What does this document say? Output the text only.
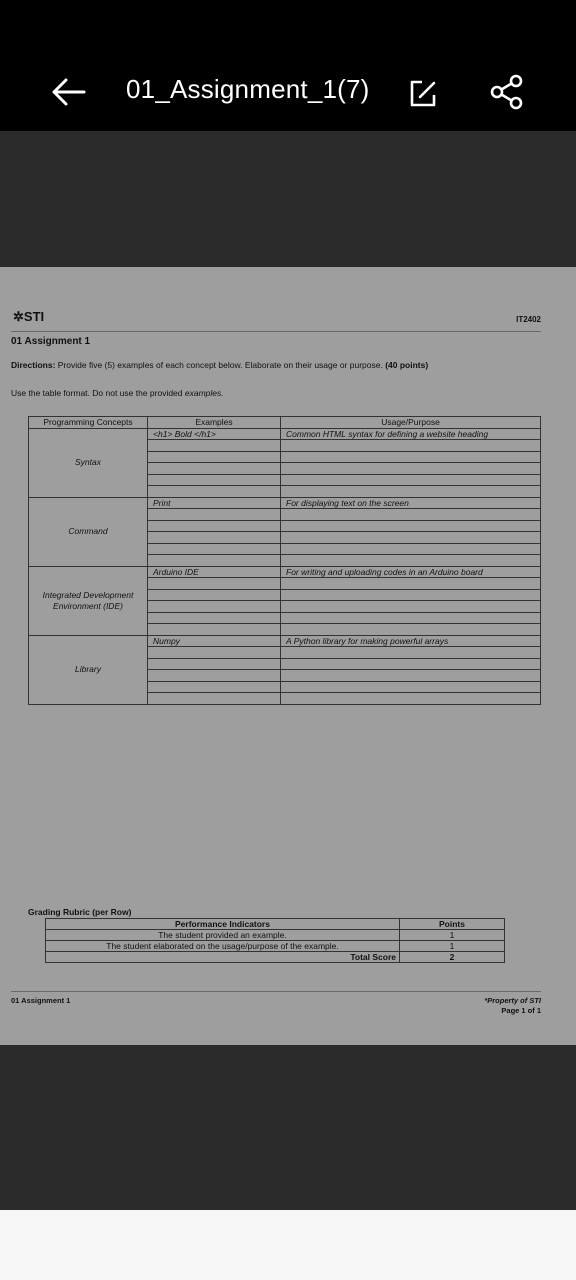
01_Assignment_1(7)
✲STI	IT2402
01 Assignment 1
Directions: Provide five (5) examples of each concept below. Elaborate on their usage or purpose. (40 points)
Use the table format. Do not use the provided examples.
Programming Concepts	Examples	Usage/Purpose
Syntax	<h1> Bold </h1>	Common HTML syntax for defining a website heading

Command	Print	For displaying text on the screen

Integrated Development Environment (IDE)	Arduino IDE	For writing and uploading codes in an Arduino board

Library	Numpy	A Python library for making powerful arrays

Grading Rubric (per Row)
Performance Indicators	Points
The student provided an example.	1
The student elaborated on the usage/purpose of the example.	1
Total Score	2
01 Assignment 1	*Property of STI
Page 1 of 1
